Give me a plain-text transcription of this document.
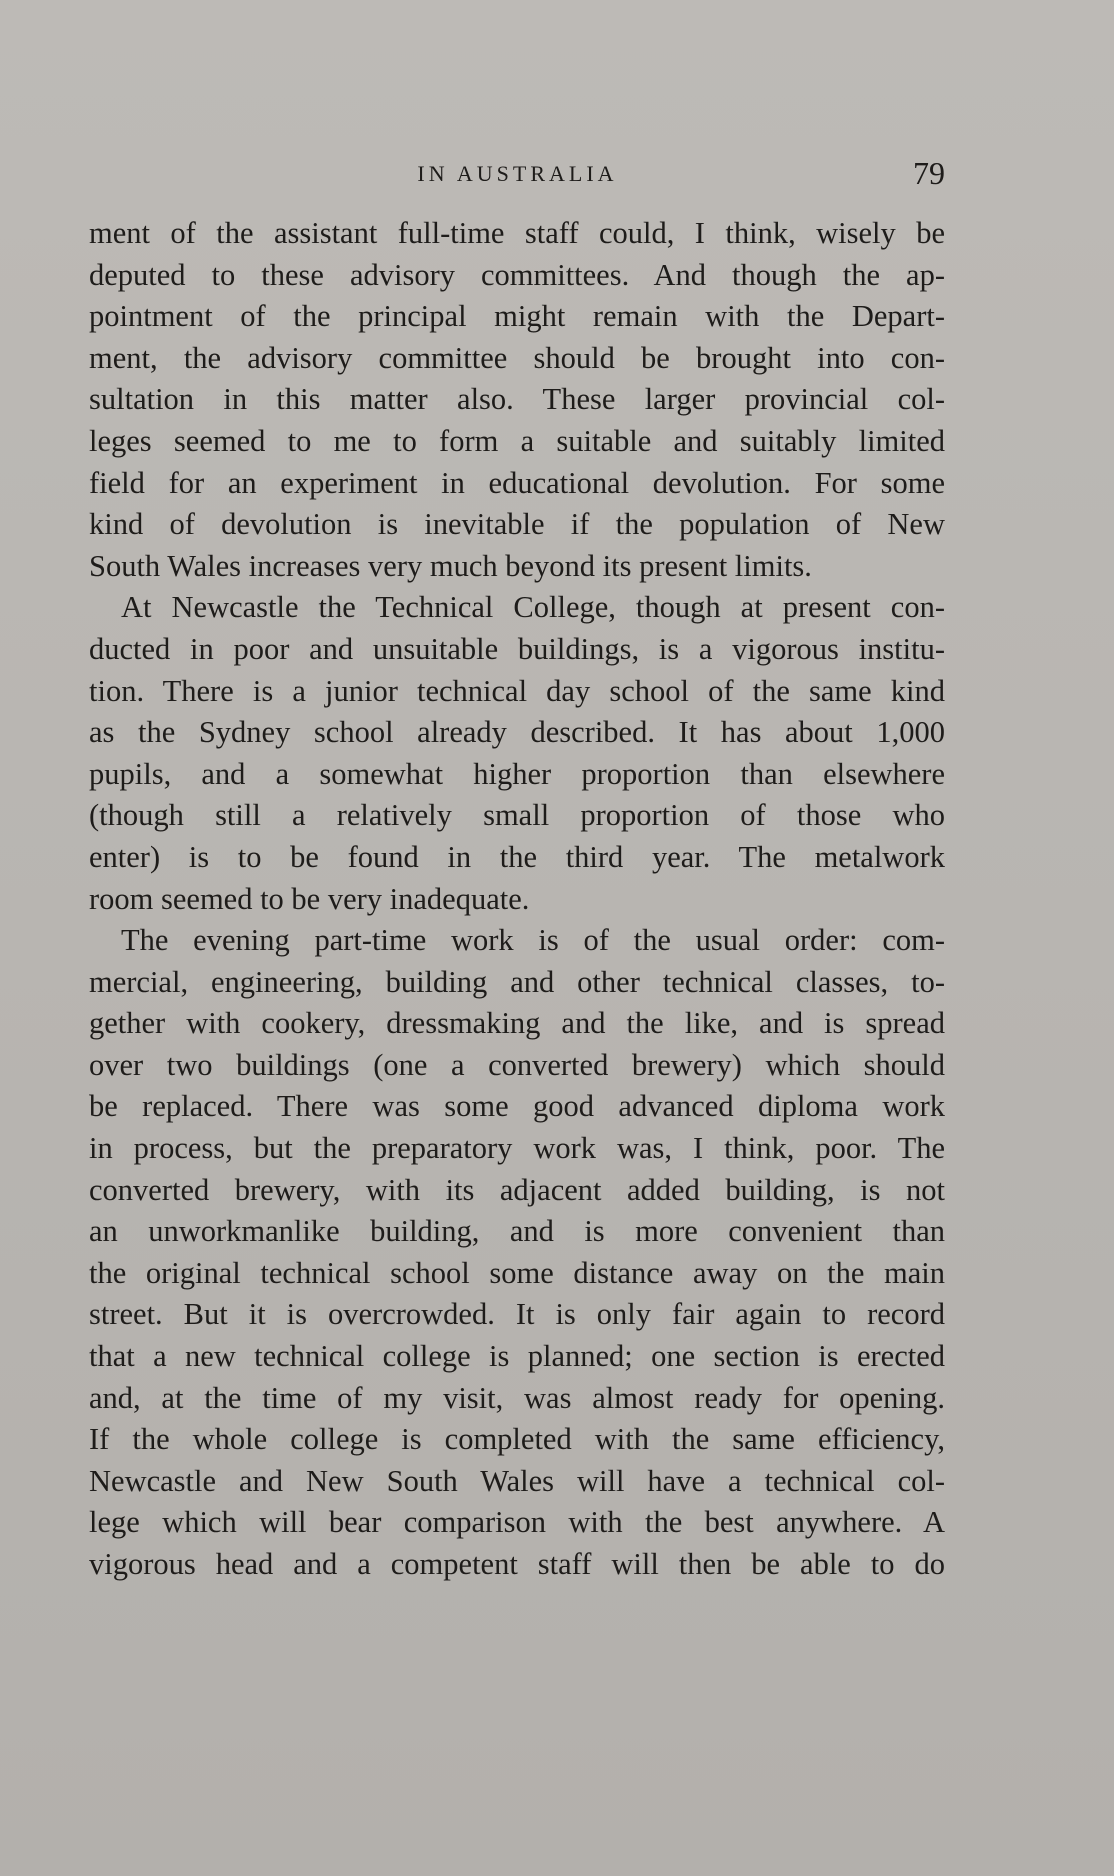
IN AUSTRALIA	79
ment of the assistant full-time staff could, I think, wisely be
deputed to these advisory committees. And though the ap-
pointment of the principal might remain with the Depart-
ment, the advisory committee should be brought into con-
sultation in this matter also. These larger provincial col-
leges seemed to me to form a suitable and suitably limited
field for an experiment in educational devolution. For some
kind of devolution is inevitable if the population of New
South Wales increases very much beyond its present limits.
At Newcastle the Technical College, though at present con-
ducted in poor and unsuitable buildings, is a vigorous institu-
tion. There is a junior technical day school of the same kind
as the Sydney school already described. It has about 1,000
pupils, and a somewhat higher proportion than elsewhere
(though still a relatively small proportion of those who
enter) is to be found in the third year. The metalwork
room seemed to be very inadequate.
The evening part-time work is of the usual order: com-
mercial, engineering, building and other technical classes, to-
gether with cookery, dressmaking and the like, and is spread
over two buildings (one a converted brewery) which should
be replaced. There was some good advanced diploma work
in process, but the preparatory work was, I think, poor. The
converted brewery, with its adjacent added building, is not
an unworkmanlike building, and is more convenient than
the original technical school some distance away on the main
street. But it is overcrowded. It is only fair again to record
that a new technical college is planned; one section is erected
and, at the time of my visit, was almost ready for opening.
If the whole college is completed with the same efficiency,
Newcastle and New South Wales will have a technical col-
lege which will bear comparison with the best anywhere. A
vigorous head and a competent staff will then be able to do
